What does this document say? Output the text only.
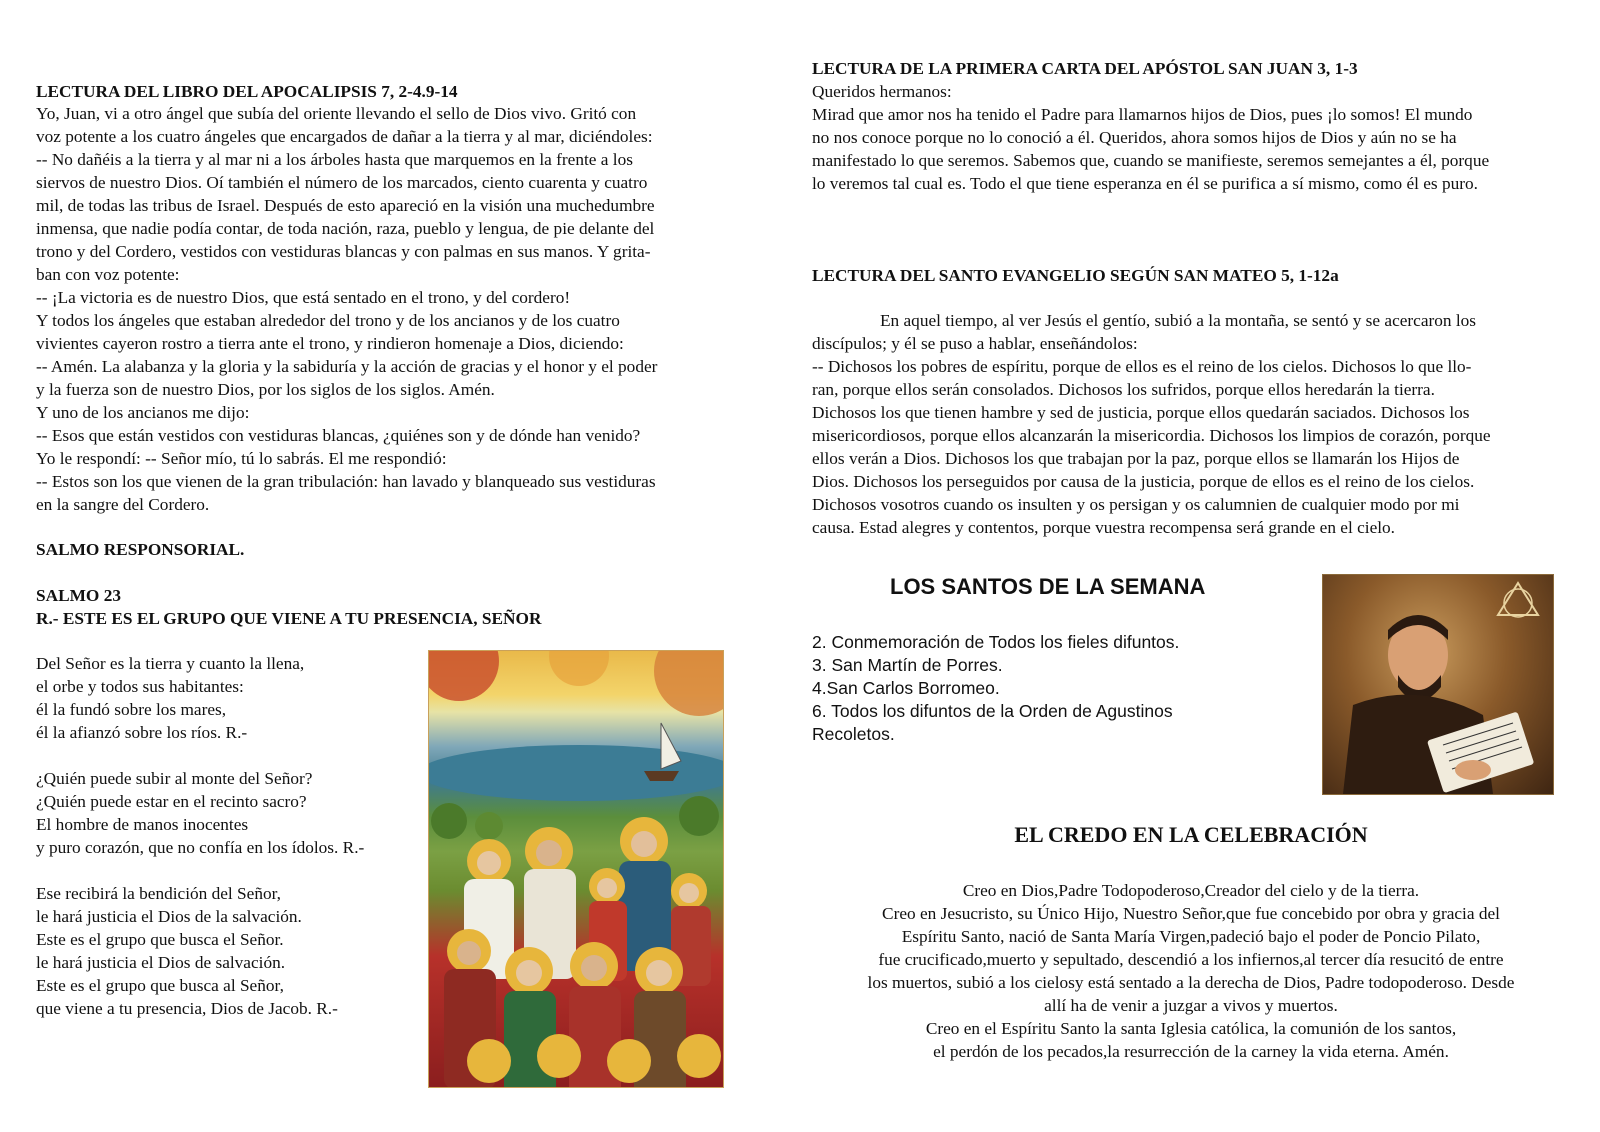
LECTURA DEL LIBRO DEL APOCALIPSIS 7, 2-4.9-14
Yo, Juan, vi a otro ángel que subía del oriente llevando el sello de Dios vivo. Gritó con
voz potente a los cuatro ángeles que encargados de dañar a la tierra y al mar, diciéndoles:
-- No dañéis a la tierra y al mar ni a los árboles hasta que marquemos en la frente a los
siervos de nuestro Dios. Oí también el número de los marcados, ciento cuarenta y cuatro
mil, de todas las tribus de Israel. Después de esto apareció en la visión una muchedumbre
inmensa, que nadie podía contar, de toda nación, raza, pueblo y lengua, de pie delante del
trono y del Cordero, vestidos con vestiduras blancas y con palmas en sus manos. Y grita-
ban con voz potente:
-- ¡La victoria es de nuestro Dios, que está sentado en el trono, y del cordero!
Y todos los ángeles que estaban alrededor del trono y de los ancianos y de los cuatro
vivientes cayeron rostro a tierra ante el trono, y rindieron homenaje a Dios, diciendo:
-- Amén. La alabanza y la gloria y la sabiduría y la acción de gracias y el honor y el poder
y la fuerza son de nuestro Dios, por los siglos de los siglos. Amén.
Y uno de los ancianos me dijo:
-- Esos que están vestidos con vestiduras blancas, ¿quiénes son y de dónde han venido?
Yo le respondí: -- Señor mío, tú lo sabrás. El me respondió:
-- Estos son los que vienen de la gran tribulación: han lavado y blanqueado sus vestiduras
en la sangre del Cordero.
SALMO RESPONSORIAL.
SALMO 23
R.- ESTE ES EL GRUPO QUE VIENE A TU PRESENCIA, SEÑOR
Del Señor es la tierra y cuanto la llena,
el orbe y todos sus habitantes:
él la fundó sobre los mares,
él la afianzó sobre los ríos. R.-
¿Quién puede subir al monte del Señor?
¿Quién puede estar en el recinto sacro?
El hombre de manos inocentes
y puro corazón, que no confía en los ídolos. R.-
Ese recibirá la bendición del Señor,
le hará justicia el Dios de la salvación.
Este es el grupo que busca el Señor.
le hará justicia el Dios de salvación.
Este es el grupo que busca al Señor,
que viene a tu presencia, Dios de Jacob. R.-
LECTURA DE LA PRIMERA CARTA DEL APÓSTOL SAN JUAN 3, 1-3
Queridos hermanos:
Mirad que amor nos ha tenido el Padre para llamarnos hijos de Dios, pues ¡lo somos! El mundo
no nos conoce porque no lo conoció a él. Queridos, ahora somos hijos de Dios y aún no se ha
manifestado lo que seremos. Sabemos que, cuando se manifieste, seremos semejantes a él, porque
lo veremos tal cual es. Todo el que tiene esperanza en él se purifica a sí mismo, como él es puro.
LECTURA DEL SANTO EVANGELIO SEGÚN SAN MATEO 5, 1-12a
En aquel tiempo, al ver Jesús el gentío, subió a la montaña, se sentó y se acercaron los
discípulos; y él se puso a hablar, enseñándolos:
-- Dichosos los pobres de espíritu, porque de ellos es el reino de los cielos. Dichosos lo que llo-
ran, porque ellos serán consolados. Dichosos los sufridos, porque ellos heredarán la tierra.
Dichosos los que tienen hambre y sed de justicia, porque ellos quedarán saciados. Dichosos los
misericordiosos, porque ellos alcanzarán la misericordia. Dichosos los limpios de corazón, porque
ellos verán a Dios. Dichosos los que trabajan por la paz, porque ellos se llamarán los Hijos de
Dios. Dichosos los perseguidos por causa de la justicia, porque de ellos es el reino de los cielos.
Dichosos vosotros cuando os insulten y os persigan y os calumnien de cualquier modo por mi
causa. Estad alegres y contentos, porque vuestra recompensa será grande en el cielo.
LOS SANTOS DE LA SEMANA
2. Conmemoración de Todos los fieles difuntos.
3. San Martín de Porres.
4.San Carlos Borromeo.
6. Todos los difuntos de la Orden de Agustinos
Recoletos.
EL CREDO EN LA CELEBRACIÓN
Creo en Dios,Padre Todopoderoso,Creador del cielo y de la tierra.
Creo en Jesucristo, su Único Hijo, Nuestro Señor,que fue concebido por obra y gracia del
Espíritu Santo, nació de Santa María Virgen,padeció bajo el poder de Poncio Pilato,
fue crucificado,muerto y sepultado, descendió a los infiernos,al tercer día resucitó de entre
los muertos, subió a los cielosy está sentado a la derecha de Dios, Padre todopoderoso. Desde
allí ha de venir a juzgar a vivos y muertos.
Creo en el Espíritu Santo la santa Iglesia católica, la comunión de los santos,
el perdón de los pecados,la resurrección de la carney la vida eterna. Amén.
